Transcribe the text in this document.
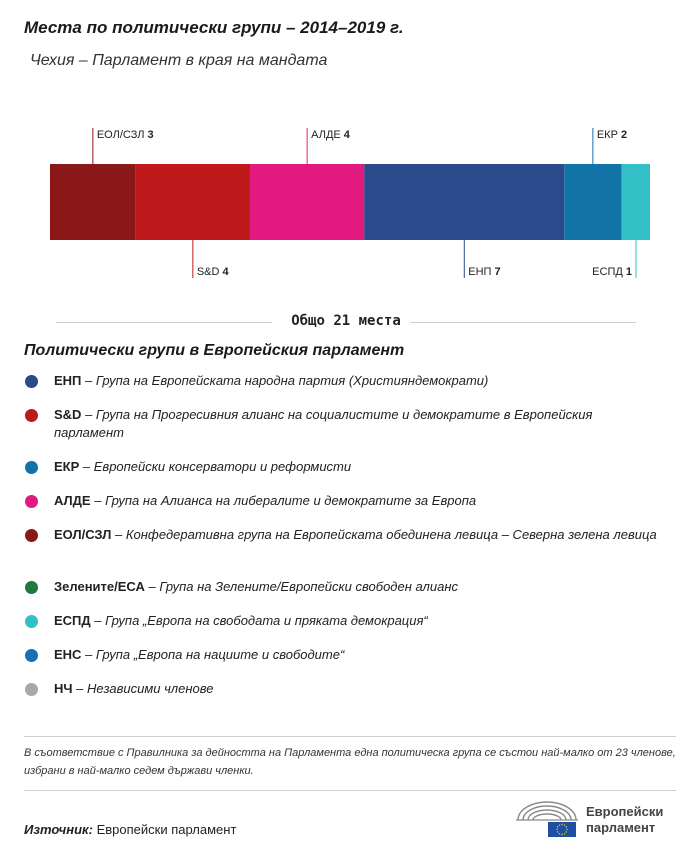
Места по политически групи – 2014–2019 г.
Чехия – Парламент в края на мандата
ЕОЛ/СЗЛ 3
S&D 4
АЛДЕ 4
ЕНП 7
ЕКР 2
ЕСПД 1
Общо 21 места
Политически групи в Европейския парламент
ЕНП – Група на Европейската народна партия (Християндемократи)
S&D – Група на Прогресивния алианс на социалистите и демократите в Европейския парламент
ЕКР – Европейски консерватори и реформисти
АЛДЕ – Група на Алианса на либералите и демократите за Европа
ЕОЛ/СЗЛ – Конфедеративна група на Европейската обединена левица – Северна зелена левица
Зелените/ЕСА – Група на Зелените/Европейски свободен алианс
ЕСПД – Група „Европа на свободата и пряката демокрация“
ЕНС – Група „Европа на нациите и свободите“
НЧ – Независими членове
В съответствие с Правилника за дейността на Парламента една политическа група се състои най-малко от 23 членове, избрани в най-малко седем държави членки.
Източник: Европейски парламент
Европейски
парламент
